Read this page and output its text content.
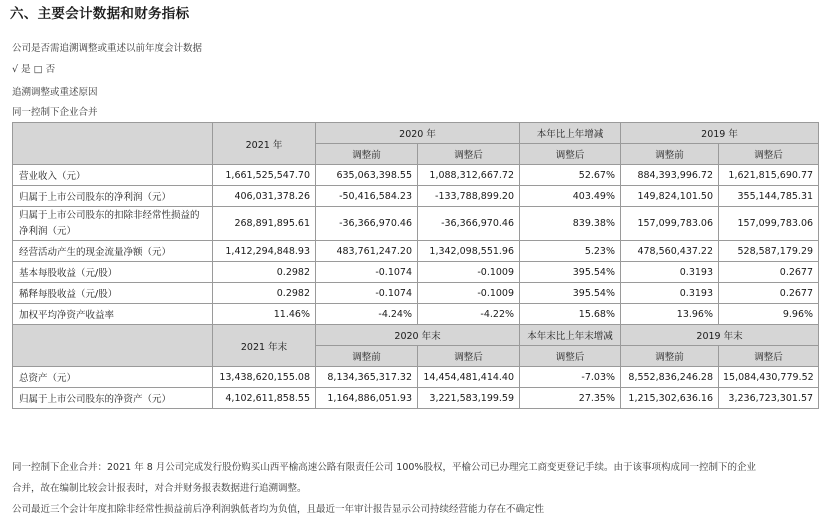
六、主要会计数据和财务指标
公司是否需追溯调整或重述以前年度会计数据
√ 是 □ 否
追溯调整或重述原因
同一控制下企业合并
	2021 年	2020 年		本年比上年增减	2019 年	
		调整前	调整后	调整后	调整前	调整后
营业收入（元）	1,661,525,547.70	635,063,398.55	1,088,312,667.72	52.67%	884,393,996.72	1,621,815,690.77
归属于上市公司股东的净利润（元）	406,031,378.26	-50,416,584.23	-133,788,899.20	403.49%	149,824,101.50	355,144,785.31
归属于上市公司股东的扣除非经常性损益的净利润（元）	268,891,895.61	-36,366,970.46	-36,366,970.46	839.38%	157,099,783.06	157,099,783.06
经营活动产生的现金流量净额（元）	1,412,294,848.93	483,761,247.20	1,342,098,551.96	5.23%	478,560,437.22	528,587,179.29
基本每股收益（元/股）	0.2982	-0.1074	-0.1009	395.54%	0.3193	0.2677
稀释每股收益（元/股）	0.2982	-0.1074	-0.1009	395.54%	0.3193	0.2677
加权平均净资产收益率	11.46%	-4.24%	-4.22%	15.68%	13.96%	9.96%
	2021 年末	2020 年末		本年末比上年末增减	2019 年末	
		调整前	调整后	调整后	调整前	调整后
总资产（元）	13,438,620,155.08	8,134,365,317.32	14,454,481,414.40	-7.03%	8,552,836,246.28	15,084,430,779.52
归属于上市公司股东的净资产（元）	4,102,611,858.55	1,164,886,051.93	3,221,583,199.59	27.35%	1,215,302,636.16	3,236,723,301.57
同一控制下企业合并：2021 年 8 月公司完成发行股份购买山西平榆高速公路有限责任公司 100%股权，平榆公司已办理完工商变更登记手续。由于该事项构成同一控制下的企业
合并，故在编制比较会计报表时，对合并财务报表数据进行追溯调整。
公司最近三个会计年度扣除非经常性损益前后净利润孰低者均为负值，且最近一年审计报告显示公司持续经营能力存在不确定性
